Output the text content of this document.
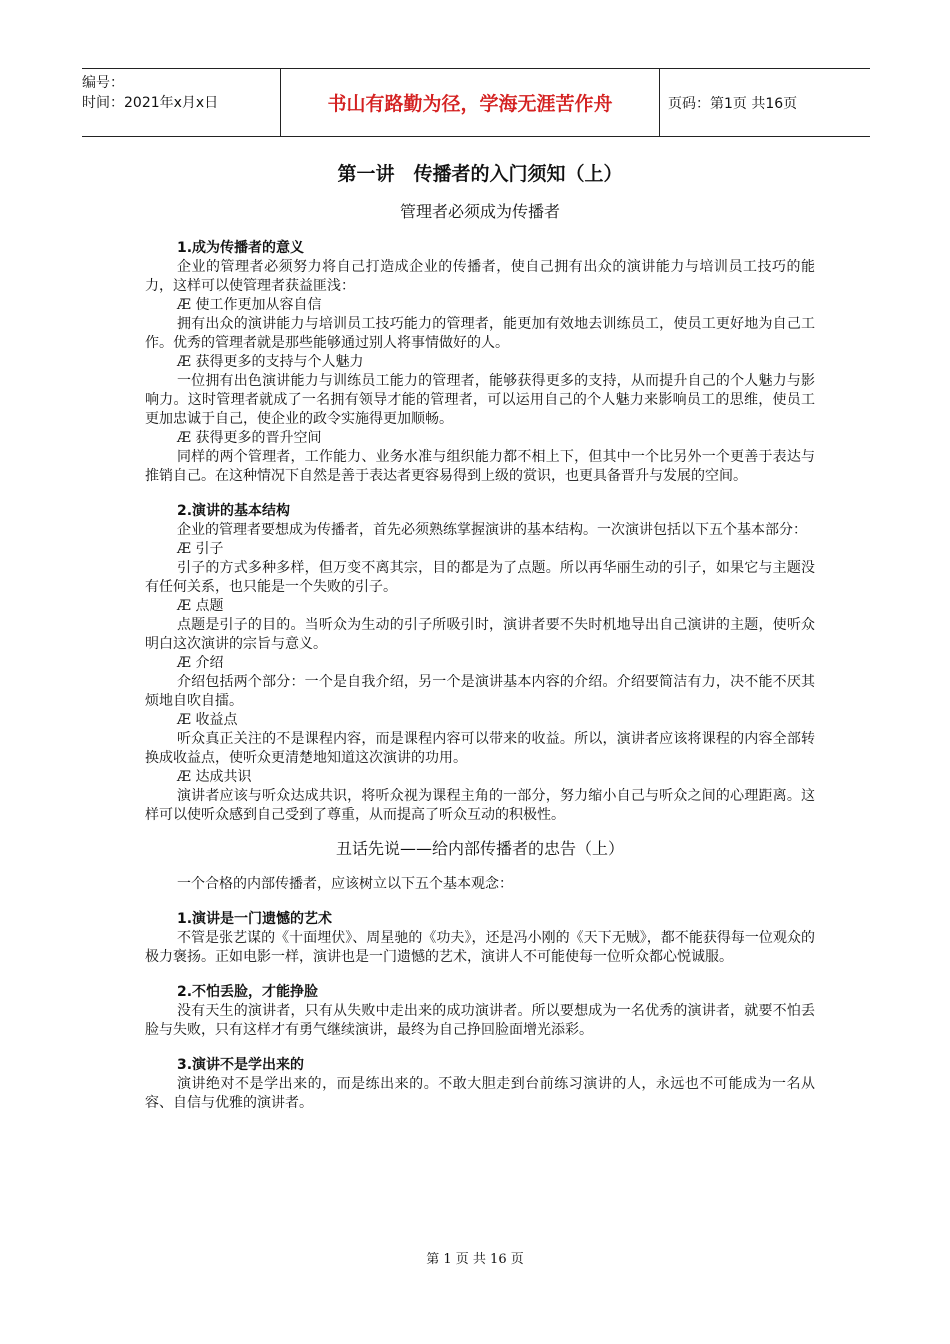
编号：
时间：2021年x月x日	书山有路勤为径，学海无涯苦作舟	页码：第1页 共16页
第一讲　传播者的入门须知（上）
管理者必须成为传播者
1.成为传播者的意义

企业的管理者必须努力将自己打造成企业的传播者，使自己拥有出众的演讲能力与培训员工技巧的能力，这样可以使管理者获益匪浅：

Æ 使工作更加从容自信

拥有出众的演讲能力与培训员工技巧能力的管理者，能更加有效地去训练员工，使员工更好地为自己工作。优秀的管理者就是那些能够通过别人将事情做好的人。

Æ 获得更多的支持与个人魅力

一位拥有出色演讲能力与训练员工能力的管理者，能够获得更多的支持，从而提升自己的个人魅力与影响力。这时管理者就成了一名拥有领导才能的管理者，可以运用自己的个人魅力来影响员工的思维，使员工更加忠诚于自己，使企业的政令实施得更加顺畅。

Æ 获得更多的晋升空间

同样的两个管理者，工作能力、业务水准与组织能力都不相上下，但其中一个比另外一个更善于表达与推销自己。在这种情况下自然是善于表达者更容易得到上级的赏识，也更具备晋升与发展的空间。

2.演讲的基本结构

企业的管理者要想成为传播者，首先必须熟练掌握演讲的基本结构。一次演讲包括以下五个基本部分：

Æ 引子

引子的方式多种多样，但万变不离其宗，目的都是为了点题。所以再华丽生动的引子，如果它与主题没有任何关系，也只能是一个失败的引子。

Æ 点题

点题是引子的目的。当听众为生动的引子所吸引时，演讲者要不失时机地导出自己演讲的主题，使听众明白这次演讲的宗旨与意义。

Æ 介绍

介绍包括两个部分：一个是自我介绍，另一个是演讲基本内容的介绍。介绍要简洁有力，决不能不厌其烦地自吹自擂。

Æ 收益点

听众真正关注的不是课程内容，而是课程内容可以带来的收益。所以，演讲者应该将课程的内容全部转换成收益点，使听众更清楚地知道这次演讲的功用。

Æ 达成共识

演讲者应该与听众达成共识，将听众视为课程主角的一部分，努力缩小自己与听众之间的心理距离。这样可以使听众感到自己受到了尊重，从而提高了听众互动的积极性。

丑话先说——给内部传播者的忠告（上）

一个合格的内部传播者，应该树立以下五个基本观念：

1.演讲是一门遗憾的艺术

不管是张艺谋的《十面埋伏》、周星驰的《功夫》，还是冯小刚的《天下无贼》，都不能获得每一位观众的极力褒扬。正如电影一样，演讲也是一门遗憾的艺术，演讲人不可能使每一位听众都心悦诚服。

2.不怕丢脸，才能挣脸

没有天生的演讲者，只有从失败中走出来的成功演讲者。所以要想成为一名优秀的演讲者，就要不怕丢脸与失败，只有这样才有勇气继续演讲，最终为自己挣回脸面增光添彩。

3.演讲不是学出来的

演讲绝对不是学出来的，而是练出来的。不敢大胆走到台前练习演讲的人，永远也不可能成为一名从容、自信与优雅的演讲者。

第 1 页 共 16 页
